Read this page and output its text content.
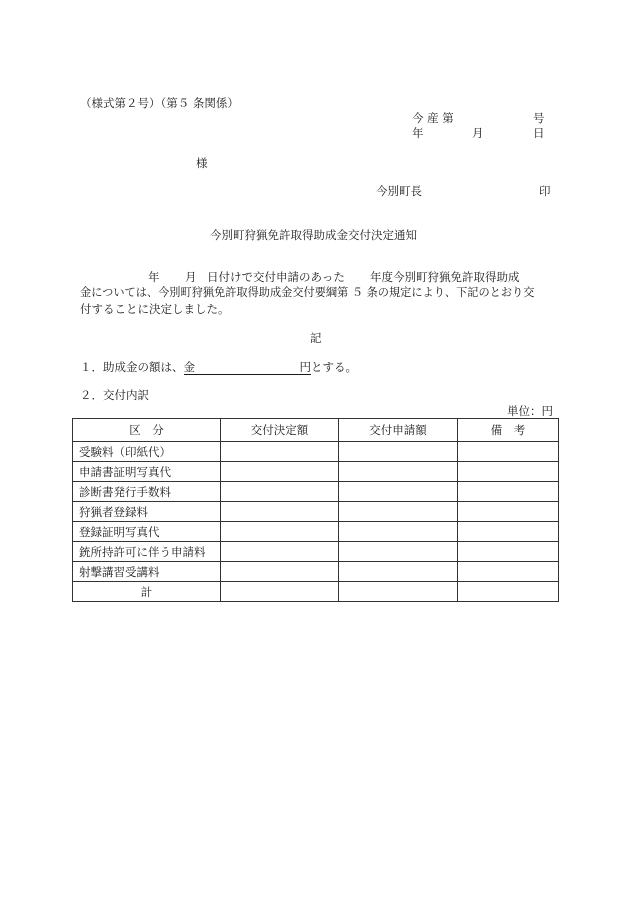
（様式第２号）（第５ 条関係）
今 産 第	号
年	月	日
様
今別町長	印
今別町狩猟免許取得助成金交付決定通知
年 月 日付けで交付申請のあった 年度今別町狩猟免許取得助成
金については、今別町狩猟免許取得助成金交付要綱第 ５ 条の規定により、下記のとおり交
付することに決定しました。
記
１．助成金の額は、金	円とする。
２．交付内訳
単位：円
区　分	交付決定額	交付申請額	備　考
受験料（印紙代）			
申請書証明写真代			
診断書発行手数料			
狩猟者登録料			
登録証明写真代			
銃所持許可に伴う申請料			
射撃講習受講料			
計			
